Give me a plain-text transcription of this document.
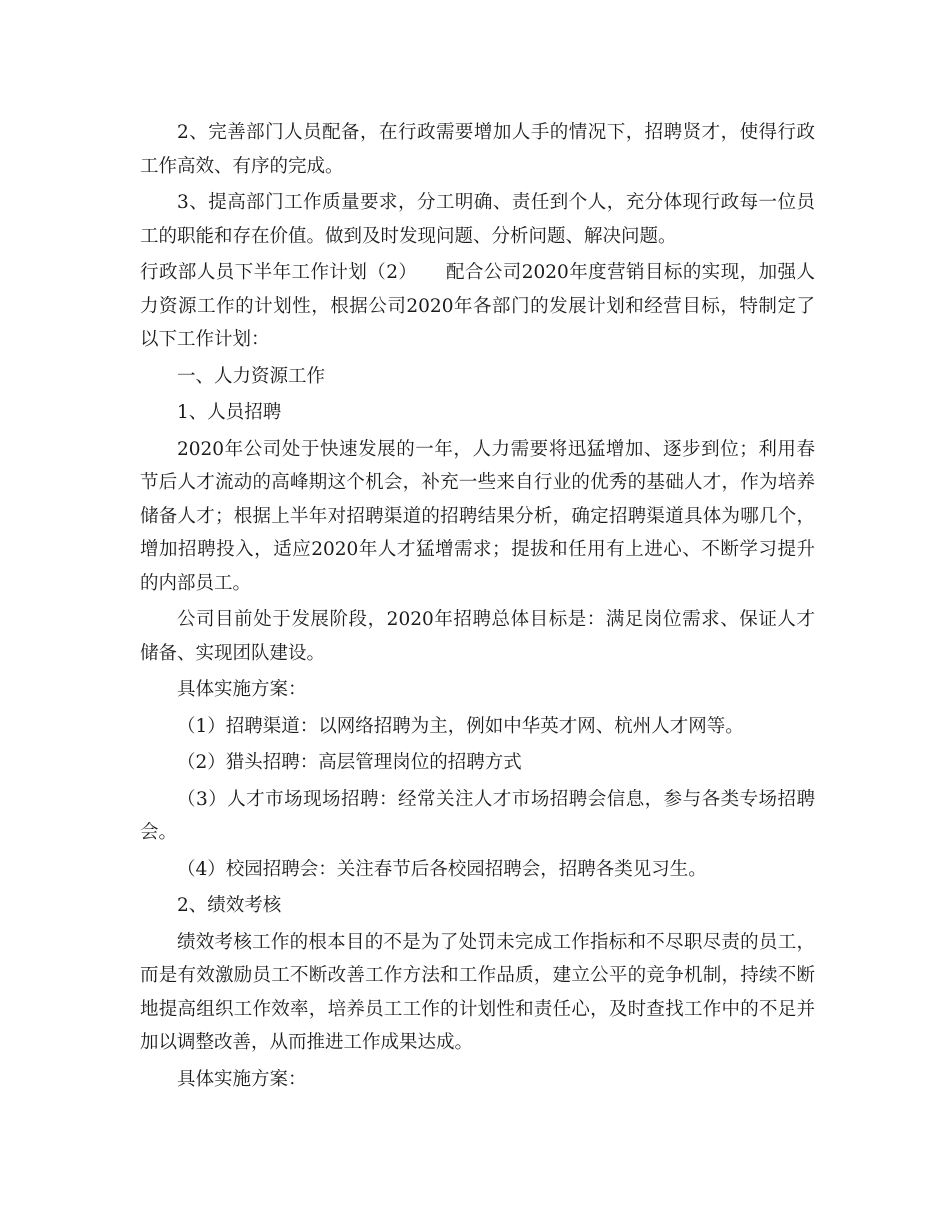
2、完善部门人员配备，在行政需要增加人手的情况下，招聘贤才，使得行政工作高效、有序的完成。

3、提高部门工作质量要求，分工明确、责任到个人，充分体现行政每一位员工的职能和存在价值。做到及时发现问题、分析问题、解决问题。

行政部人员下半年工作计划（2）　　配合公司2020年度营销目标的实现，加强人力资源工作的计划性，根据公司2020年各部门的发展计划和经营目标，特制定了以下工作计划：

一、人力资源工作

1、人员招聘

2020年公司处于快速发展的一年，人力需要将迅猛增加、逐步到位；利用春节后人才流动的高峰期这个机会，补充一些来自行业的优秀的基础人才，作为培养储备人才；根据上半年对招聘渠道的招聘结果分析，确定招聘渠道具体为哪几个，增加招聘投入，适应2020年人才猛增需求；提拔和任用有上进心、不断学习提升的内部员工。

公司目前处于发展阶段，2020年招聘总体目标是：满足岗位需求、保证人才储备、实现团队建设。

具体实施方案：

（1）招聘渠道：以网络招聘为主，例如中华英才网、杭州人才网等。

（2）猎头招聘：高层管理岗位的招聘方式

（3）人才市场现场招聘：经常关注人才市场招聘会信息，参与各类专场招聘会。

（4）校园招聘会：关注春节后各校园招聘会，招聘各类见习生。

2、绩效考核

绩效考核工作的根本目的不是为了处罚未完成工作指标和不尽职尽责的员工，而是有效激励员工不断改善工作方法和工作品质，建立公平的竞争机制，持续不断地提高组织工作效率，培养员工工作的计划性和责任心，及时查找工作中的不足并加以调整改善，从而推进工作成果达成。

具体实施方案：
